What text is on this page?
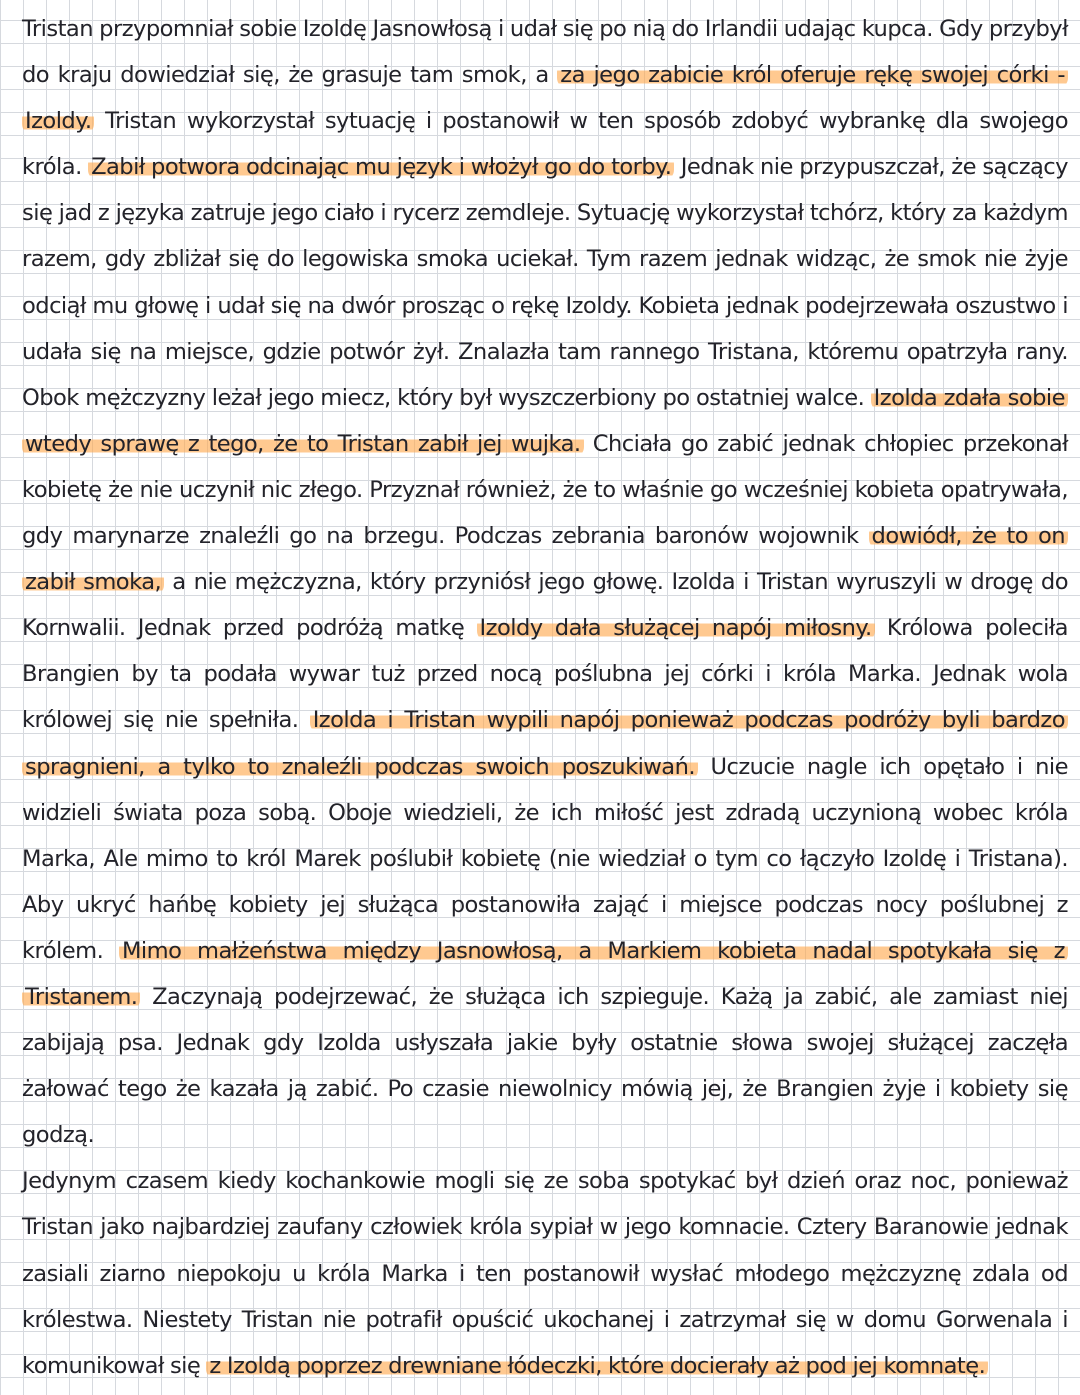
Tristan przypomniał sobie Izoldę Jasnowłosą i udał się po nią do Irlandii udając kupca. Gdy przybył do kraju dowiedział się, że grasuje tam smok, a za jego zabicie król oferuje rękę swojej córki - Izoldy. Tristan wykorzystał sytuację i postanowił w ten sposób zdobyć wybrankę dla swojego króla. Zabił potwora odcinając mu język i włożył go do torby. Jednak nie przypuszczał, że sączący się jad z języka zatruje jego ciało i rycerz zemdleje. Sytuację wykorzystał tchórz, który za każdym razem, gdy zbliżał się do legowiska smoka uciekał. Tym razem jednak widząc, że smok nie żyje odciął mu głowę i udał się na dwór prosząc o rękę Izoldy. Kobieta jednak podejrzewała oszustwo i udała się na miejsce, gdzie potwór żył. Znalazła tam rannego Tristana, któremu opatrzyła rany. Obok mężczyzny leżał jego miecz, który był wyszczerbiony po ostatniej walce. Izolda zdała sobie wtedy sprawę z tego, że to Tristan zabił jej wujka. Chciała go zabić jednak chłopiec przekonał kobietę że nie uczynił nic złego. Przyznał również, że to właśnie go wcześniej kobieta opatrywała, gdy marynarze znaleźli go na brzegu. Podczas zebrania baronów wojownik dowiódł, że to on zabił smoka, a nie mężczyzna, który przyniósł jego głowę. Izolda i Tristan wyruszyli w drogę do Kornwalii. Jednak przed podróżą matkę Izoldy dała służącej napój miłosny. Królowa poleciła Brangien by ta podała wywar tuż przed nocą poślubna jej córki i króla Marka. Jednak wola królowej się nie spełniła. Izolda i Tristan wypili napój ponieważ podczas podróży byli bardzo spragnieni, a tylko to znaleźli podczas swoich poszukiwań. Uczucie nagle ich opętało i nie widzieli świata poza sobą. Oboje wiedzieli, że ich miłość jest zdradą uczynioną wobec króla Marka, Ale mimo to król Marek poślubił kobietę (nie wiedział o tym co łączyło Izoldę i Tristana). Aby ukryć hańbę kobiety jej służąca postanowiła zająć i miejsce podczas nocy poślubnej z królem. Mimo małżeństwa między Jasnowłosą, a Markiem kobieta nadal spotykała się z Tristanem. Zaczynają podejrzewać, że służąca ich szpieguje. Każą ja zabić, ale zamiast niej zabijają psa. Jednak gdy Izolda usłyszała jakie były ostatnie słowa swojej służącej zaczęła żałować tego że kazała ją zabić. Po czasie niewolnicy mówią jej, że Brangien żyje i kobiety się godzą.

Jedynym czasem kiedy kochankowie mogli się ze soba spotykać był dzień oraz noc, ponieważ Tristan jako najbardziej zaufany człowiek króla sypiał w jego komnacie. Cztery Baranowie jednak zasiali ziarno niepokoju u króla Marka i ten postanowił wysłać młodego mężczyznę zdala od królestwa. Niestety Tristan nie potrafił opuścić ukochanej i zatrzymał się w domu Gorwenala i komunikował się z Izoldą poprzez drewniane łódeczki, które docierały aż pod jej komnatę.
